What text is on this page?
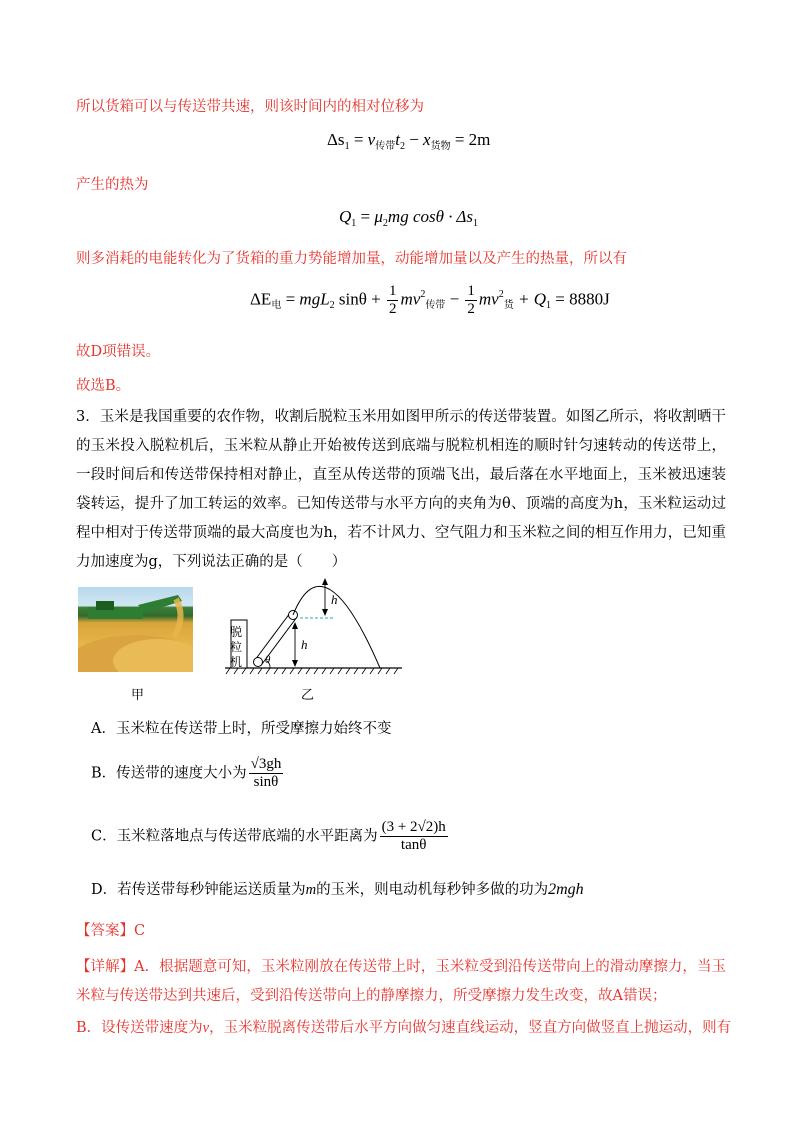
所以货箱可以与传送带共速，则该时间内的相对位移为
$\Delta s_1 = v_{传带}t_2 - x_{货物} = 2m$
产生的热为
$Q_1 = \mu_2mg$ $\cos\theta \cdot \Delta s_1$
则多消耗的电能转化为了货箱的重力势能增加量，动能增加量以及产生的热量，所以有
$\Delta E_电 = mgL_2$ $\sin\theta + \frac{1}{2} mv^2_{传带} - \frac{1}{2} mv^2_货 + Q_1 = 8880J$
故D项错误。
故选B。
3．玉米是我国重要的农作物，收割后脱粒玉米用如图甲所示的传送带装置。如图乙所示，将收割晒干的玉米投入脱粒机后，玉米粒从静止开始被传送到底端与脱粒机相连的顺时针匀速转动的传送带上，一段时间后和传送带保持相对静止，直至从传送带的顶端飞出，最后落在水平地面上，玉米被迅速装袋转运，提升了加工转运的效率。已知传送带与水平方向的夹角为θ、顶端的高度为h，玉米粒运动过程中相对于传送带顶端的最大高度也为h，若不计风力、空气阻力和玉米粒之间的相互作用力，已知重力加速度为g，下列说法正确的是（　　）
甲
脱粒机
h
h
θ
乙
A．玉米粒在传送带上时，所受摩擦力始终不变
B．传送带的速度大小为 $\frac{√3gh}{\sin\theta}$
C．玉米粒落地点与传送带底端的水平距离为 $\frac{(3 + 2√2)h}{\tan\theta}$
D．若传送带每秒钟能运送质量为m的玉米，则电动机每秒钟多做的功为2mgh
【答案】C
【详解】A．根据题意可知，玉米粒刚放在传送带上时，玉米粒受到沿传送带向上的滑动摩擦力，当玉米粒与传送带达到共速后，受到沿传送带向上的静摩擦力，所受摩擦力发生改变，故A错误；
B．设传送带速度为v，玉米粒脱离传送带后水平方向做匀速直线运动，竖直方向做竖直上抛运动，则有
